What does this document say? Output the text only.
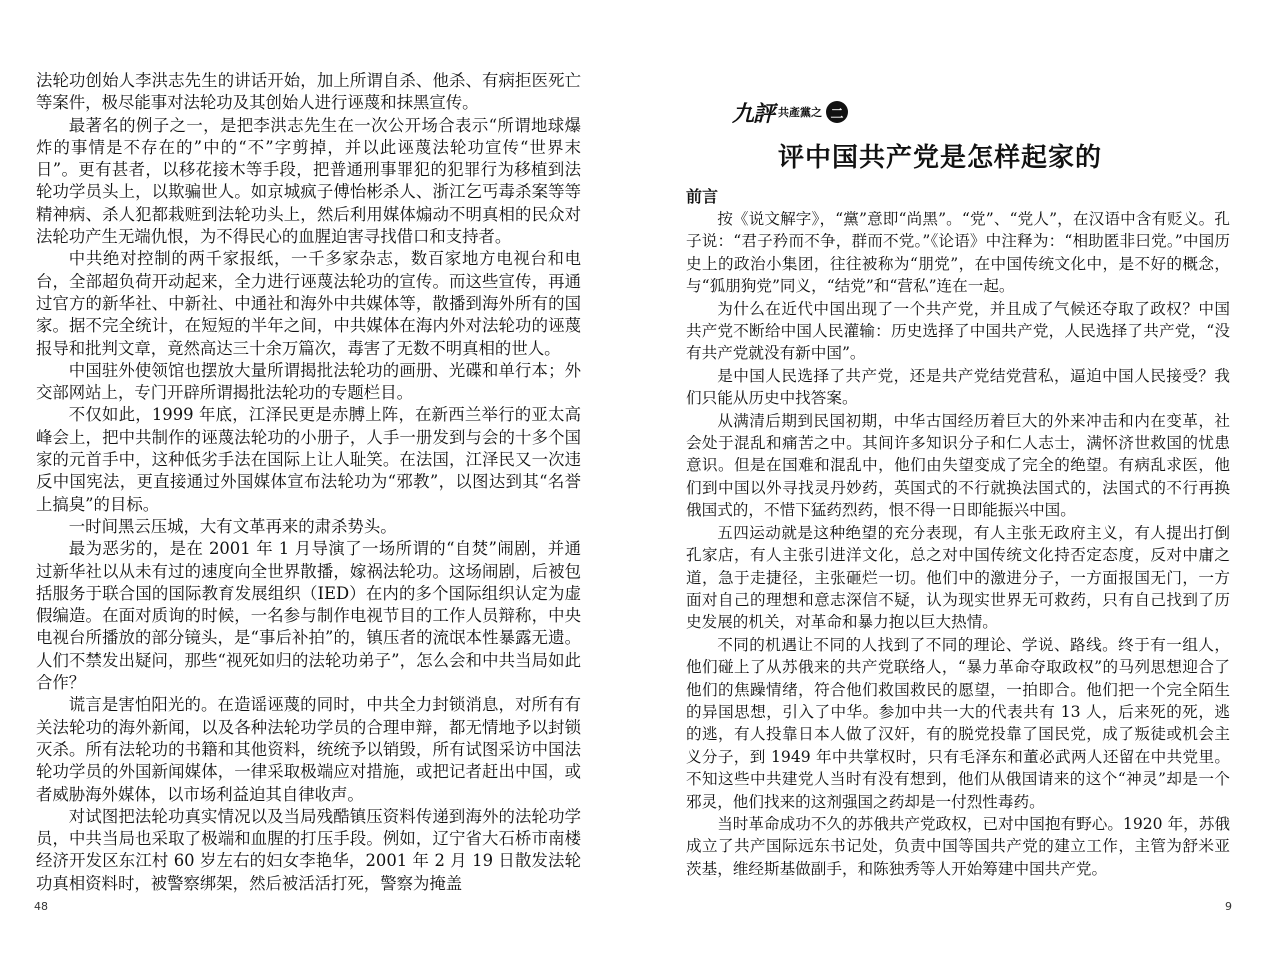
法轮功创始人李洪志先生的讲话开始，加上所谓自杀、他杀、有病拒医死亡等案件，极尽能事对法轮功及其创始人进行诬蔑和抹黑宣传。

最著名的例子之一，是把李洪志先生在一次公开场合表示“所谓地球爆炸的事情是不存在的”中的“不”字剪掉，并以此诬蔑法轮功宣传“世界末日”。更有甚者，以移花接木等手段，把普通刑事罪犯的犯罪行为移植到法轮功学员头上，以欺骗世人。如京城疯子傅怡彬杀人、浙江乞丐毒杀案等等精神病、杀人犯都栽赃到法轮功头上，然后利用媒体煽动不明真相的民众对法轮功产生无端仇恨，为不得民心的血腥迫害寻找借口和支持者。

中共绝对控制的两千家报纸，一千多家杂志，数百家地方电视台和电台，全部超负荷开动起来，全力进行诬蔑法轮功的宣传。而这些宣传，再通过官方的新华社、中新社、中通社和海外中共媒体等，散播到海外所有的国家。据不完全统计，在短短的半年之间，中共媒体在海内外对法轮功的诬蔑报导和批判文章，竟然高达三十余万篇次，毒害了无数不明真相的世人。

中国驻外使领馆也摆放大量所谓揭批法轮功的画册、光碟和单行本；外交部网站上，专门开辟所谓揭批法轮功的专题栏目。

不仅如此，1999 年底，江泽民更是赤膊上阵，在新西兰举行的亚太高峰会上，把中共制作的诬蔑法轮功的小册子，人手一册发到与会的十多个国家的元首手中，这种低劣手法在国际上让人耻笑。在法国，江泽民又一次违反中国宪法，更直接通过外国媒体宣布法轮功为“邪教”，以图达到其“名誉上搞臭”的目标。

一时间黑云压城，大有文革再来的肃杀势头。

最为恶劣的，是在 2001 年 1 月导演了一场所谓的“自焚”闹剧，并通过新华社以从未有过的速度向全世界散播，嫁祸法轮功。这场闹剧，后被包括服务于联合国的国际教育发展组织（IED）在内的多个国际组织认定为虚假编造。在面对质询的时候，一名参与制作电视节目的工作人员辩称，中央电视台所播放的部分镜头，是“事后补拍”的，镇压者的流氓本性暴露无遗。人们不禁发出疑问，那些“视死如归的法轮功弟子”，怎么会和中共当局如此合作？

谎言是害怕阳光的。在造谣诬蔑的同时，中共全力封锁消息，对所有有关法轮功的海外新闻，以及各种法轮功学员的合理申辩，都无情地予以封锁灭杀。所有法轮功的书籍和其他资料，统统予以销毁，所有试图采访中国法轮功学员的外国新闻媒体，一律采取极端应对措施，或把记者赶出中国，或者威胁海外媒体，以市场利益迫其自律收声。

对试图把法轮功真实情况以及当局残酷镇压资料传递到海外的法轮功学员，中共当局也采取了极端和血腥的打压手段。例如，辽宁省大石桥市南楼经济开发区东江村 60 岁左右的妇女李艳华，2001 年 2 月 19 日散发法轮功真相资料时，被警察绑架，然后被活活打死，警察为掩盖

48
九評 共產黨之 二
评中国共产党是怎样起家的
前言

按《说文解字》，“黨”意即“尚黑”。“党”、“党人”，在汉语中含有贬义。孔子说：“君子矜而不争，群而不党。”《论语》中注释为：“相助匿非曰党。”中国历史上的政治小集团，往往被称为“朋党”，在中国传统文化中，是不好的概念，与“狐朋狗党”同义，“结党”和“营私”连在一起。

为什么在近代中国出现了一个共产党，并且成了气候还夺取了政权？中国共产党不断给中国人民灌输：历史选择了中国共产党，人民选择了共产党，“没有共产党就没有新中国”。

是中国人民选择了共产党，还是共产党结党营私，逼迫中国人民接受？我们只能从历史中找答案。

从满清后期到民国初期，中华古国经历着巨大的外来冲击和内在变革，社会处于混乱和痛苦之中。其间许多知识分子和仁人志士，满怀济世救国的忧患意识。但是在国难和混乱中，他们由失望变成了完全的绝望。有病乱求医，他们到中国以外寻找灵丹妙药，英国式的不行就换法国式的，法国式的不行再换俄国式的，不惜下猛药烈药，恨不得一日即能振兴中国。

五四运动就是这种绝望的充分表现，有人主张无政府主义，有人提出打倒孔家店，有人主张引进洋文化，总之对中国传统文化持否定态度，反对中庸之道，急于走捷径，主张砸烂一切。他们中的激进分子，一方面报国无门，一方面对自己的理想和意志深信不疑，认为现实世界无可救药，只有自己找到了历史发展的机关，对革命和暴力抱以巨大热情。

不同的机遇让不同的人找到了不同的理论、学说、路线。终于有一组人，他们碰上了从苏俄来的共产党联络人，“暴力革命夺取政权”的马列思想迎合了他们的焦躁情绪，符合他们救国救民的愿望，一拍即合。他们把一个完全陌生的异国思想，引入了中华。参加中共一大的代表共有 13 人，后来死的死，逃的逃，有人投靠日本人做了汉奸，有的脱党投靠了国民党，成了叛徒或机会主义分子，到 1949 年中共掌权时，只有毛泽东和董必武两人还留在中共党里。不知这些中共建党人当时有没有想到，他们从俄国请来的这个“神灵”却是一个邪灵，他们找来的这剂强国之药却是一付烈性毒药。

当时革命成功不久的苏俄共产党政权，已对中国抱有野心。1920 年，苏俄成立了共产国际远东书记处，负责中国等国共产党的建立工作，主管为舒米亚茨基，维经斯基做副手，和陈独秀等人开始筹建中国共产党。

9
